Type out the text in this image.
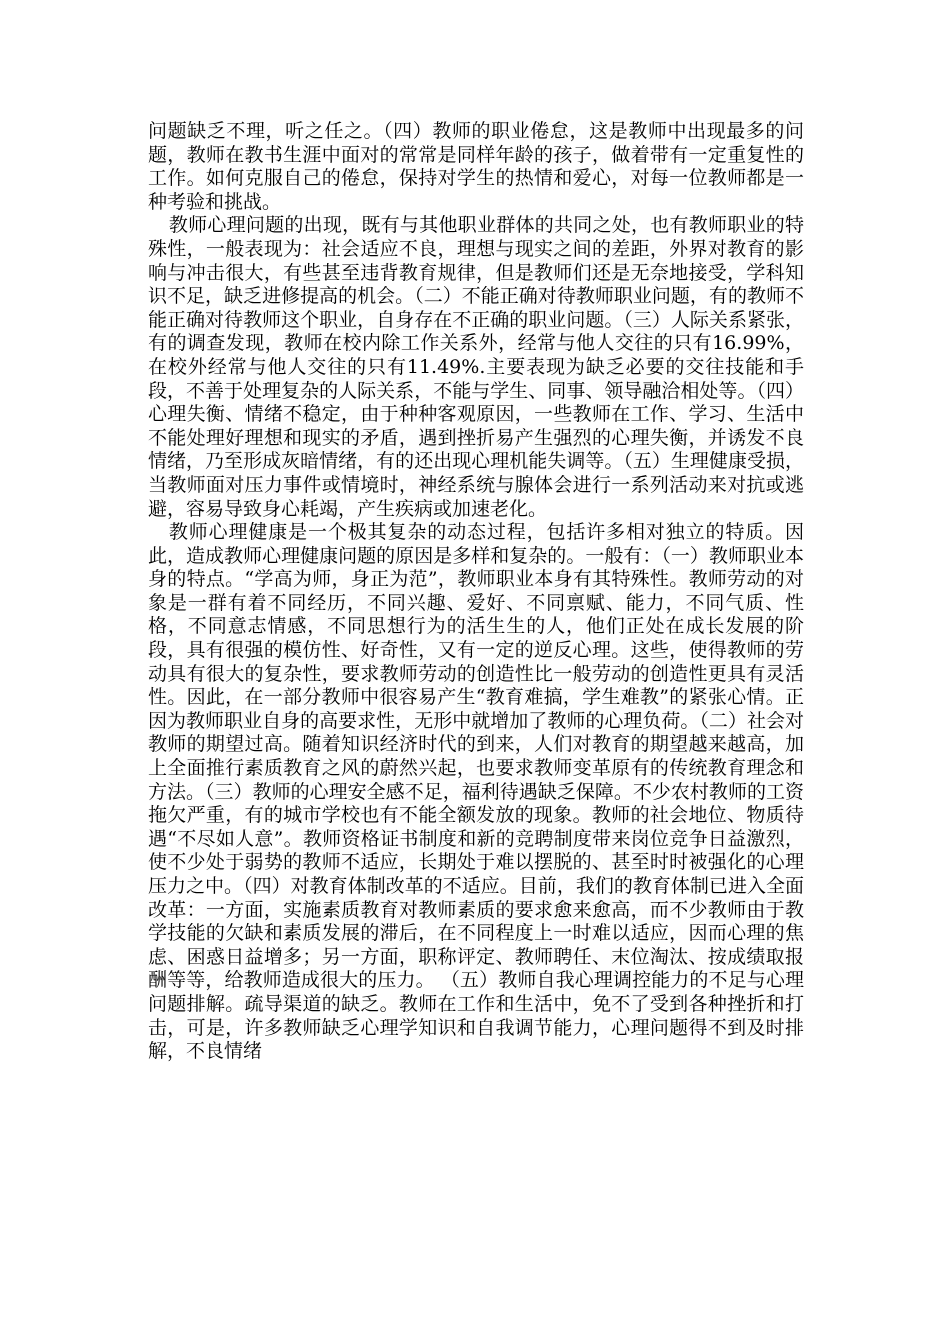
问题缺乏不理，听之任之。（四）教师的职业倦怠，这是教师中出现最多的问题，教师在教书生涯中面对的常常是同样年龄的孩子，做着带有一定重复性的工作。如何克服自己的倦怠，保持对学生的热情和爱心，对每一位教师都是一种考验和挑战。

教师心理问题的出现，既有与其他职业群体的共同之处，也有教师职业的特殊性，一般表现为：社会适应不良，理想与现实之间的差距，外界对教育的影响与冲击很大，有些甚至违背教育规律，但是教师们还是无奈地接受，学科知识不足，缺乏进修提高的机会。（二）不能正确对待教师职业问题，有的教师不能正确对待教师这个职业，自身存在不正确的职业问题。（三）人际关系紧张，有的调查发现，教师在校内除工作关系外，经常与他人交往的只有16.99%，在校外经常与他人交往的只有11.49%.主要表现为缺乏必要的交往技能和手段，不善于处理复杂的人际关系，不能与学生、同事、领导融洽相处等。（四）心理失衡、情绪不稳定，由于种种客观原因，一些教师在工作、学习、生活中不能处理好理想和现实的矛盾，遇到挫折易产生强烈的心理失衡，并诱发不良情绪，乃至形成灰暗情绪，有的还出现心理机能失调等。（五）生理健康受损，当教师面对压力事件或情境时，神经系统与腺体会进行一系列活动来对抗或逃避，容易导致身心耗竭，产生疾病或加速老化。

教师心理健康是一个极其复杂的动态过程，包括许多相对独立的特质。因此，造成教师心理健康问题的原因是多样和复杂的。一般有：（一）教师职业本身的特点。“学高为师，身正为范”，教师职业本身有其特殊性。教师劳动的对象是一群有着不同经历，不同兴趣、爱好、不同禀赋、能力，不同气质、性格，不同意志情感，不同思想行为的活生生的人，他们正处在成长发展的阶段，具有很强的模仿性、好奇性，又有一定的逆反心理。这些，使得教师的劳动具有很大的复杂性，要求教师劳动的创造性比一般劳动的创造性更具有灵活性。因此，在一部分教师中很容易产生“教育难搞，学生难教”的紧张心情。正因为教师职业自身的高要求性，无形中就增加了教师的心理负荷。（二）社会对教师的期望过高。随着知识经济时代的到来，人们对教育的期望越来越高，加上全面推行素质教育之风的蔚然兴起，也要求教师变革原有的传统教育理念和方法。（三）教师的心理安全感不足，福利待遇缺乏保障。不少农村教师的工资拖欠严重，有的城市学校也有不能全额发放的现象。教师的社会地位、物质待遇“不尽如人意”。教师资格证书制度和新的竞聘制度带来岗位竞争日益激烈，使不少处于弱势的教师不适应，长期处于难以摆脱的、甚至时时被强化的心理压力之中。（四）对教育体制改革的不适应。目前，我们的教育体制已进入全面改革：一方面，实施素质教育对教师素质的要求愈来愈高，而不少教师由于教学技能的欠缺和素质发展的滞后，在不同程度上一时难以适应，因而心理的焦虑、困惑日益增多；另一方面，职称评定、教师聘任、末位淘汰、按成绩取报酬等等，给教师造成很大的压力。 （五）教师自我心理调控能力的不足与心理问题排解。疏导渠道的缺乏。教师在工作和生活中，免不了受到各种挫折和打击，可是，许多教师缺乏心理学知识和自我调节能力，心理问题得不到及时排解，不良情绪
